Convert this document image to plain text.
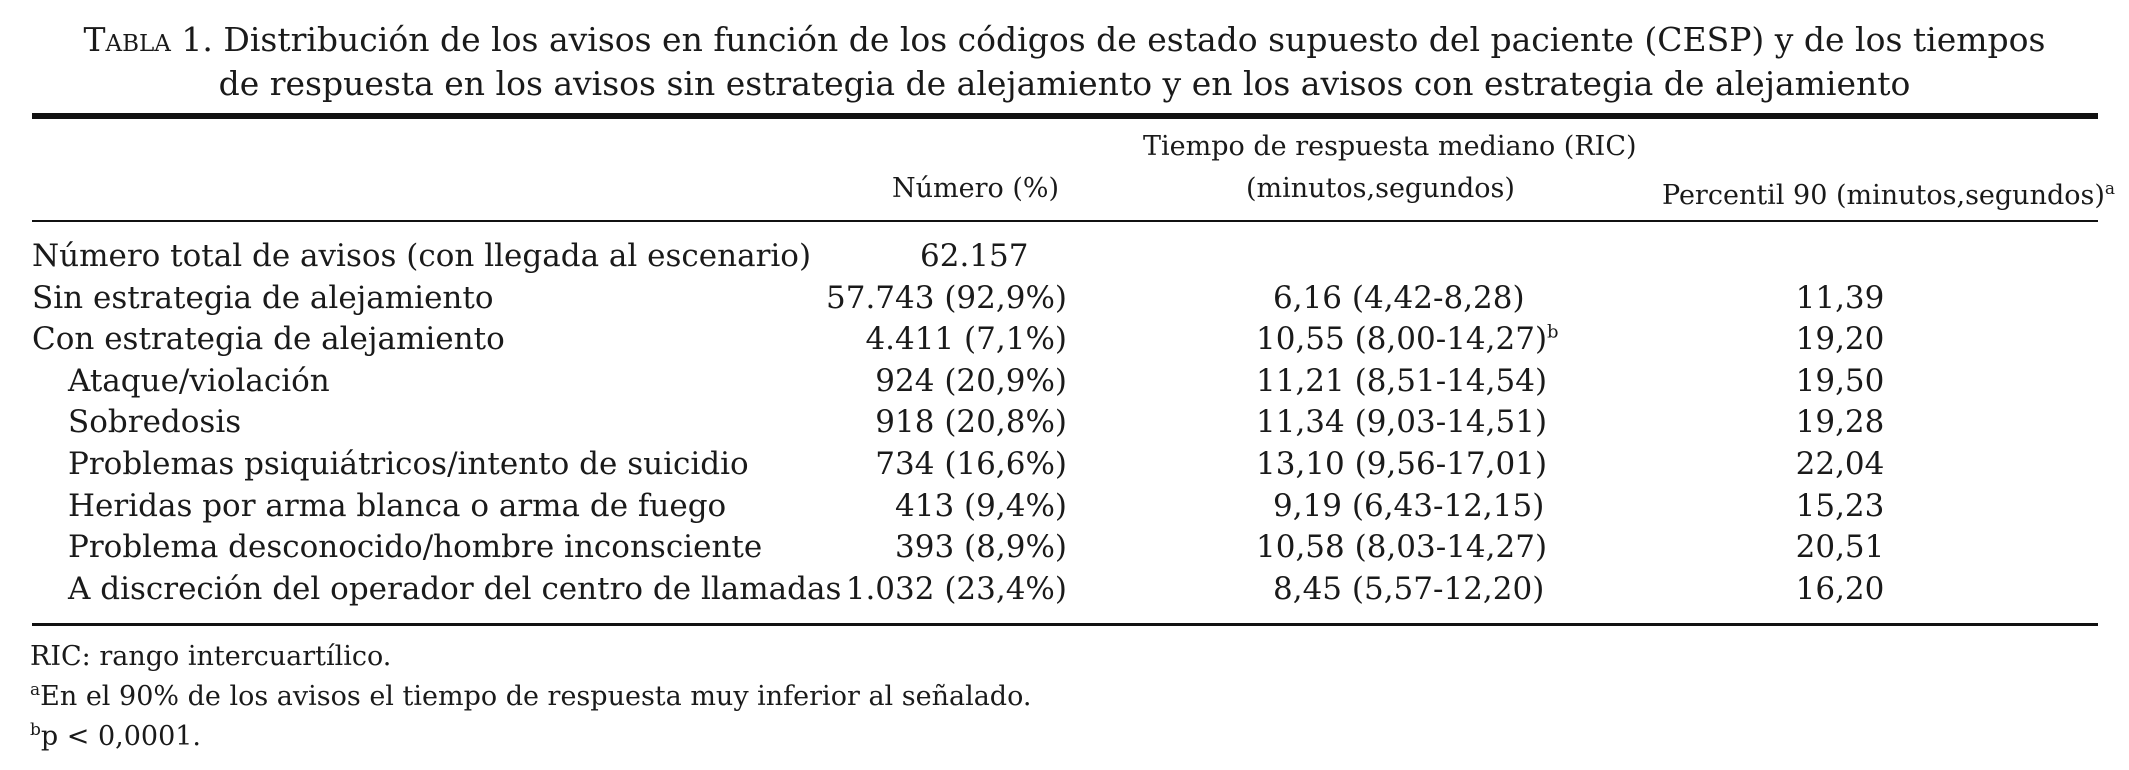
Tabla 1. Distribución de los avisos en función de los códigos de estado supuesto del paciente (CESP) y de los tiempos
de respuesta en los avisos sin estrategia de alejamiento y en los avisos con estrategia de alejamiento
Número (%)
Tiempo de respuesta mediano (RIC)
(minutos,segundos)	Percentil 90 (minutos,segundos)$^a$
Número total de avisos (con llegada al escenario)	62.157
Sin estrategia de alejamiento	57.743 (92,9%)	6,16 (4,42-8,28)	11,39
Con estrategia de alejamiento	4.411 (7,1%)	10,55 $(8,00-14,27)^b$	19,20
Ataque/violación	924 (20,9%)	11,21 (8,51-14,54)	19,50
Sobredosis	918 (20,8%)	11,34 (9,03-14,51)	19,28
Problemas psiquiátricos/intento de suicidio	734 (16,6%)	13,10 (9,56-17,01)	22,04
Heridas por arma blanca o arma de fuego	413 (9,4%)	9,19 (6,43-12,15)	15,23
Problema desconocido/hombre inconsciente	393 (8,9%)	10,58 (8,03-14,27)	20,51
A discreción del operador del centro de llamadas 1.032 (23,4%)	8,45 (5,57-12,20)	16,20
RIC: rango intercuartílico.
$^a$En el 90% de los avisos el tiempo de respuesta muy inferior al señalado.
$^b$p < 0,0001.
